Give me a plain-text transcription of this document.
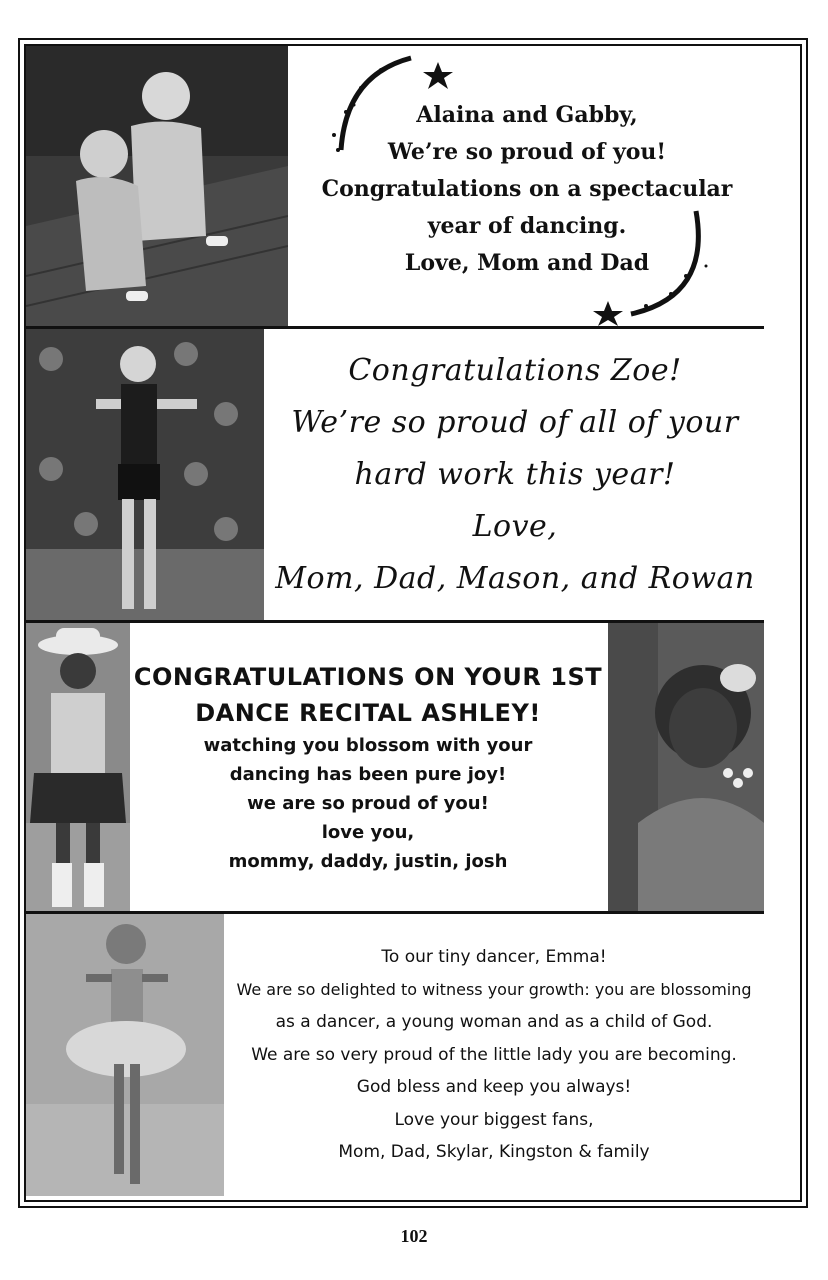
Alaina and Gabby,
We’re so proud of you!
Congratulations on a spectacular
year of dancing.
Love, Mom and Dad
Congratulations Zoe!
We’re so proud of all of your
hard work this year!
Love,
Mom, Dad, Mason, and Rowan
CONGRATULATIONS ON YOUR 1ST
DANCE RECITAL ASHLEY!
watching you blossom with your
dancing has been pure joy!
we are so proud of you!
love you,
mommy, daddy, justin, josh
To our tiny dancer, Emma!
We are so delighted to witness your growth: you are blossoming
as a dancer, a young woman and as a child of God.
We are so very proud of the little lady you are becoming.
God bless and keep you always!
Love your biggest fans,
Mom, Dad, Skylar, Kingston & family
102
